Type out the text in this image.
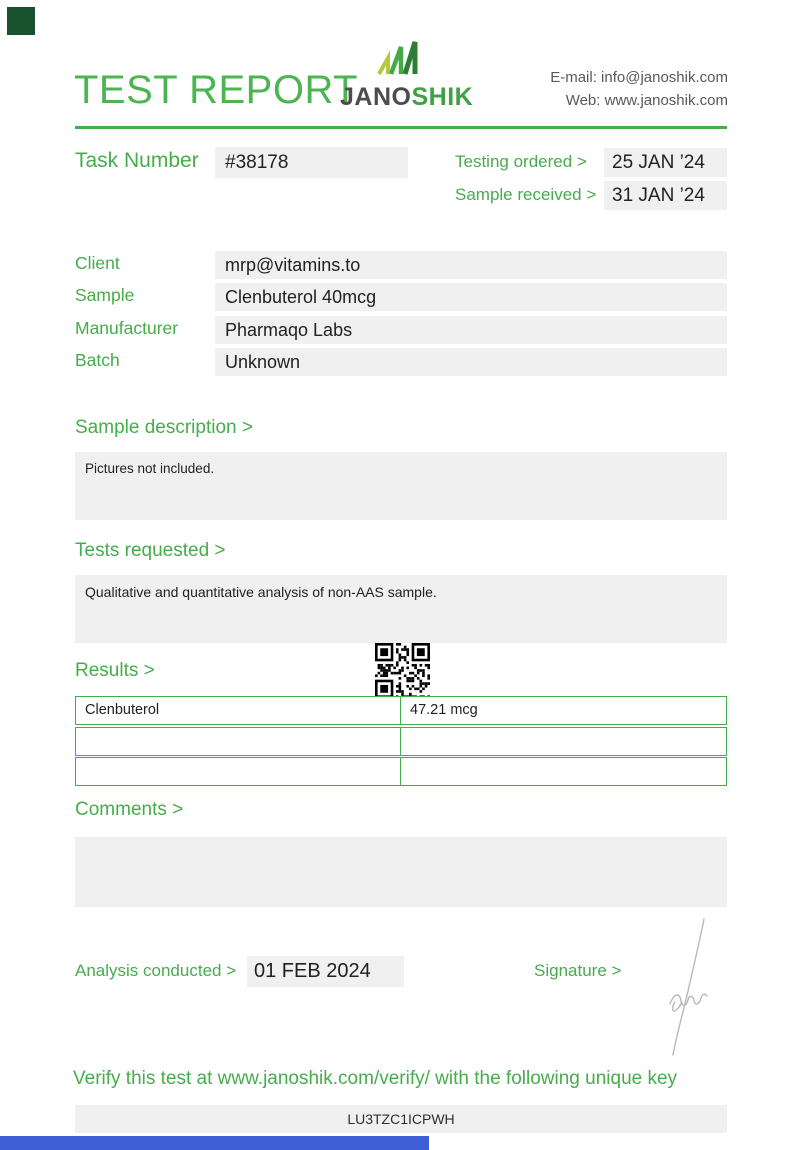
TEST REPORT
JANOSHIK
E-mail: info@janoshik.com
Web: www.janoshik.com
Task Number	#38178	Testing ordered >	25 JAN ’24
Sample received > 31 JAN ’24
Client	mrp@vitamins.to
Sample	Clenbuterol 40mcg
Manufacturer	Pharmaqo Labs
Batch	Unknown
Sample description >
Pictures not included.
Tests requested >
Qualitative and quantitative analysis of non-AAS sample.
Results >
Clenbuterol	47.21 mcg
Comments >
Analysis conducted > 01 FEB 2024	Signature >
Verify this test at www.janoshik.com/verify/ with the following unique key
LU3TZC1ICPWH
